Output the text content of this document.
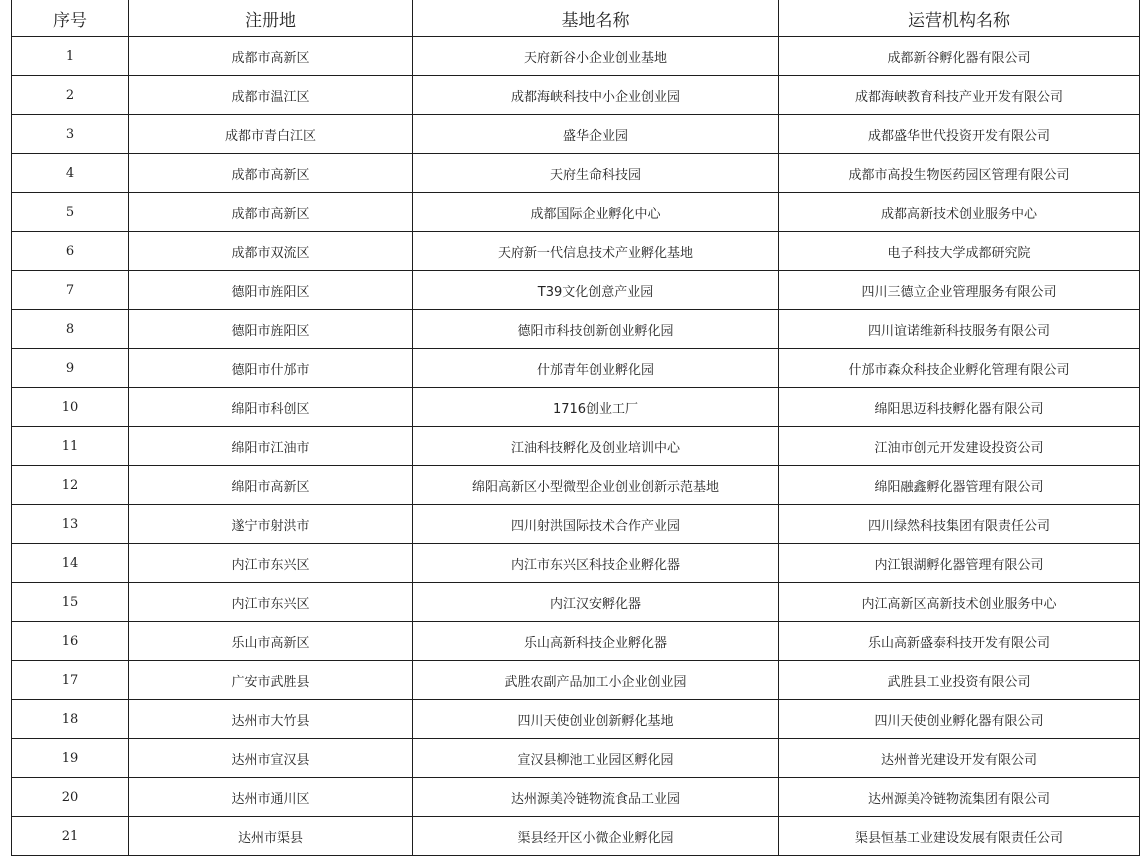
序号	注册地	基地名称	运营机构名称
1	成都市高新区	天府新谷小企业创业基地	成都新谷孵化器有限公司
2	成都市温江区	成都海峡科技中小企业创业园	成都海峡教育科技产业开发有限公司
3	成都市青白江区	盛华企业园	成都盛华世代投资开发有限公司
4	成都市高新区	天府生命科技园	成都市高投生物医药园区管理有限公司
5	成都市高新区	成都国际企业孵化中心	成都高新技术创业服务中心
6	成都市双流区	天府新一代信息技术产业孵化基地	电子科技大学成都研究院
7	德阳市旌阳区	T39文化创意产业园	四川三德立企业管理服务有限公司
8	德阳市旌阳区	德阳市科技创新创业孵化园	四川谊诺维新科技服务有限公司
9	德阳市什邡市	什邡青年创业孵化园	什邡市森众科技企业孵化管理有限公司
10	绵阳市科创区	1716创业工厂	绵阳思迈科技孵化器有限公司
11	绵阳市江油市	江油科技孵化及创业培训中心	江油市创元开发建设投资公司
12	绵阳市高新区	绵阳高新区小型微型企业创业创新示范基地	绵阳融鑫孵化器管理有限公司
13	遂宁市射洪市	四川射洪国际技术合作产业园	四川绿然科技集团有限责任公司
14	内江市东兴区	内江市东兴区科技企业孵化器	内江银湖孵化器管理有限公司
15	内江市东兴区	内江汉安孵化器	内江高新区高新技术创业服务中心
16	乐山市高新区	乐山高新科技企业孵化器	乐山高新盛泰科技开发有限公司
17	广安市武胜县	武胜农副产品加工小企业创业园	武胜县工业投资有限公司
18	达州市大竹县	四川天使创业创新孵化基地	四川天使创业孵化器有限公司
19	达州市宣汉县	宣汉县柳池工业园区孵化园	达州普光建设开发有限公司
20	达州市通川区	达州源美冷链物流食品工业园	达州源美冷链物流集团有限公司
21	达州市渠县	渠县经开区小微企业孵化园	渠县恒基工业建设发展有限责任公司
